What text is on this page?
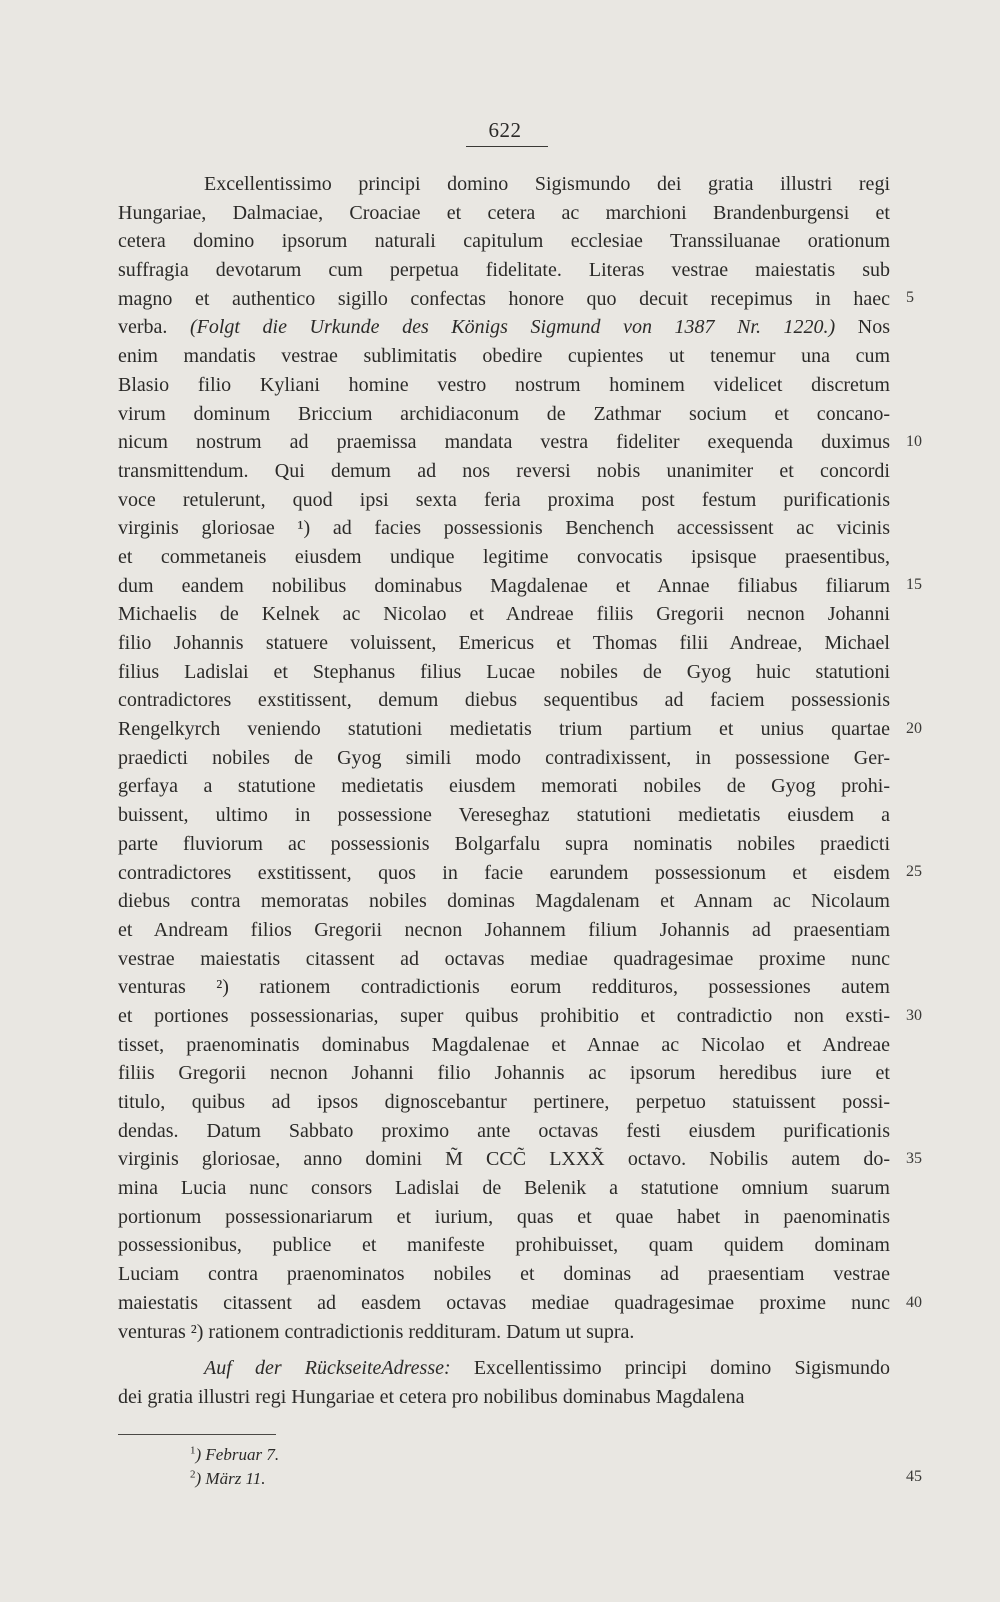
622
Excellentissimo principi domino Sigismundo dei gratia illustri regi
Hungariae, Dalmaciae, Croaciae et cetera ac marchioni Brandenburgensi et
cetera domino ipsorum naturali capitulum ecclesiae Transsiluanae orationum
suffragia devotarum cum perpetua fidelitate. Literas vestrae maiestatis sub
magno et authentico sigillo confectas honore quo decuit recepimus in haec
verba. (Folgt die Urkunde des Königs Sigmund von 1387 Nr. 1220.) Nos
enim mandatis vestrae sublimitatis obedire cupientes ut tenemur una cum
Blasio filio Kyliani homine vestro nostrum hominem videlicet discretum
virum dominum Briccium archidiaconum de Zathmar socium et concano-
nicum nostrum ad praemissa mandata vestra fideliter exequenda duximus
transmittendum. Qui demum ad nos reversi nobis unanimiter et concordi
voce retulerunt, quod ipsi sexta feria proxima post festum purificationis
virginis gloriosae ¹) ad facies possessionis Benchench accessissent ac vicinis
et commetaneis eiusdem undique legitime convocatis ipsisque praesentibus,
dum eandem nobilibus dominabus Magdalenae et Annae filiabus filiarum
Michaelis de Kelnek ac Nicolao et Andreae filiis Gregorii necnon Johanni
filio Johannis statuere voluissent, Emericus et Thomas filii Andreae, Michael
filius Ladislai et Stephanus filius Lucae nobiles de Gyog huic statutioni
contradictores exstitissent, demum diebus sequentibus ad faciem possessionis
Rengelkyrch veniendo statutioni medietatis trium partium et unius quartae
praedicti nobiles de Gyog simili modo contradixissent, in possessione Ger-
gerfaya a statutione medietatis eiusdem memorati nobiles de Gyog prohi-
buissent, ultimo in possessione Vereseghaz statutioni medietatis eiusdem a
parte fluviorum ac possessionis Bolgarfalu supra nominatis nobiles praedicti
contradictores exstitissent, quos in facie earundem possessionum et eisdem
diebus contra memoratas nobiles dominas Magdalenam et Annam ac Nicolaum
et Andream filios Gregorii necnon Johannem filium Johannis ad praesentiam
vestrae maiestatis citassent ad octavas mediae quadragesimae proxime nunc
venturas ²) rationem contradictionis eorum reddituros, possessiones autem
et portiones possessionarias, super quibus prohibitio et contradictio non exsti-
tisset, praenominatis dominabus Magdalenae et Annae ac Nicolao et Andreae
filiis Gregorii necnon Johanni filio Johannis ac ipsorum heredibus iure et
titulo, quibus ad ipsos dignoscebantur pertinere, perpetuo statuissent possi-
dendas. Datum Sabbato proximo ante octavas festi eiusdem purificationis
virginis gloriosae, anno domini M̃ CCC̃ LXXX̃ octavo. Nobilis autem do-
mina Lucia nunc consors Ladislai de Belenik a statutione omnium suarum
portionum possessionariarum et iurium, quas et quae habet in paenominatis
possessionibus, publice et manifeste prohibuisset, quam quidem dominam
Luciam contra praenominatos nobiles et dominas ad praesentiam vestrae
maiestatis citassent ad easdem octavas mediae quadragesimae proxime nunc
venturas ²) rationem contradictionis reddituram. Datum ut supra.
Auf der RückseiteAdresse: Excellentissimo principi domino Sigismundo
dei gratia illustri regi Hungariae et cetera pro nobilibus dominabus Magdalena
5
10
15
20
25
30
35
40
$^1$) Februar 7.
$^2$) März 11.	45
